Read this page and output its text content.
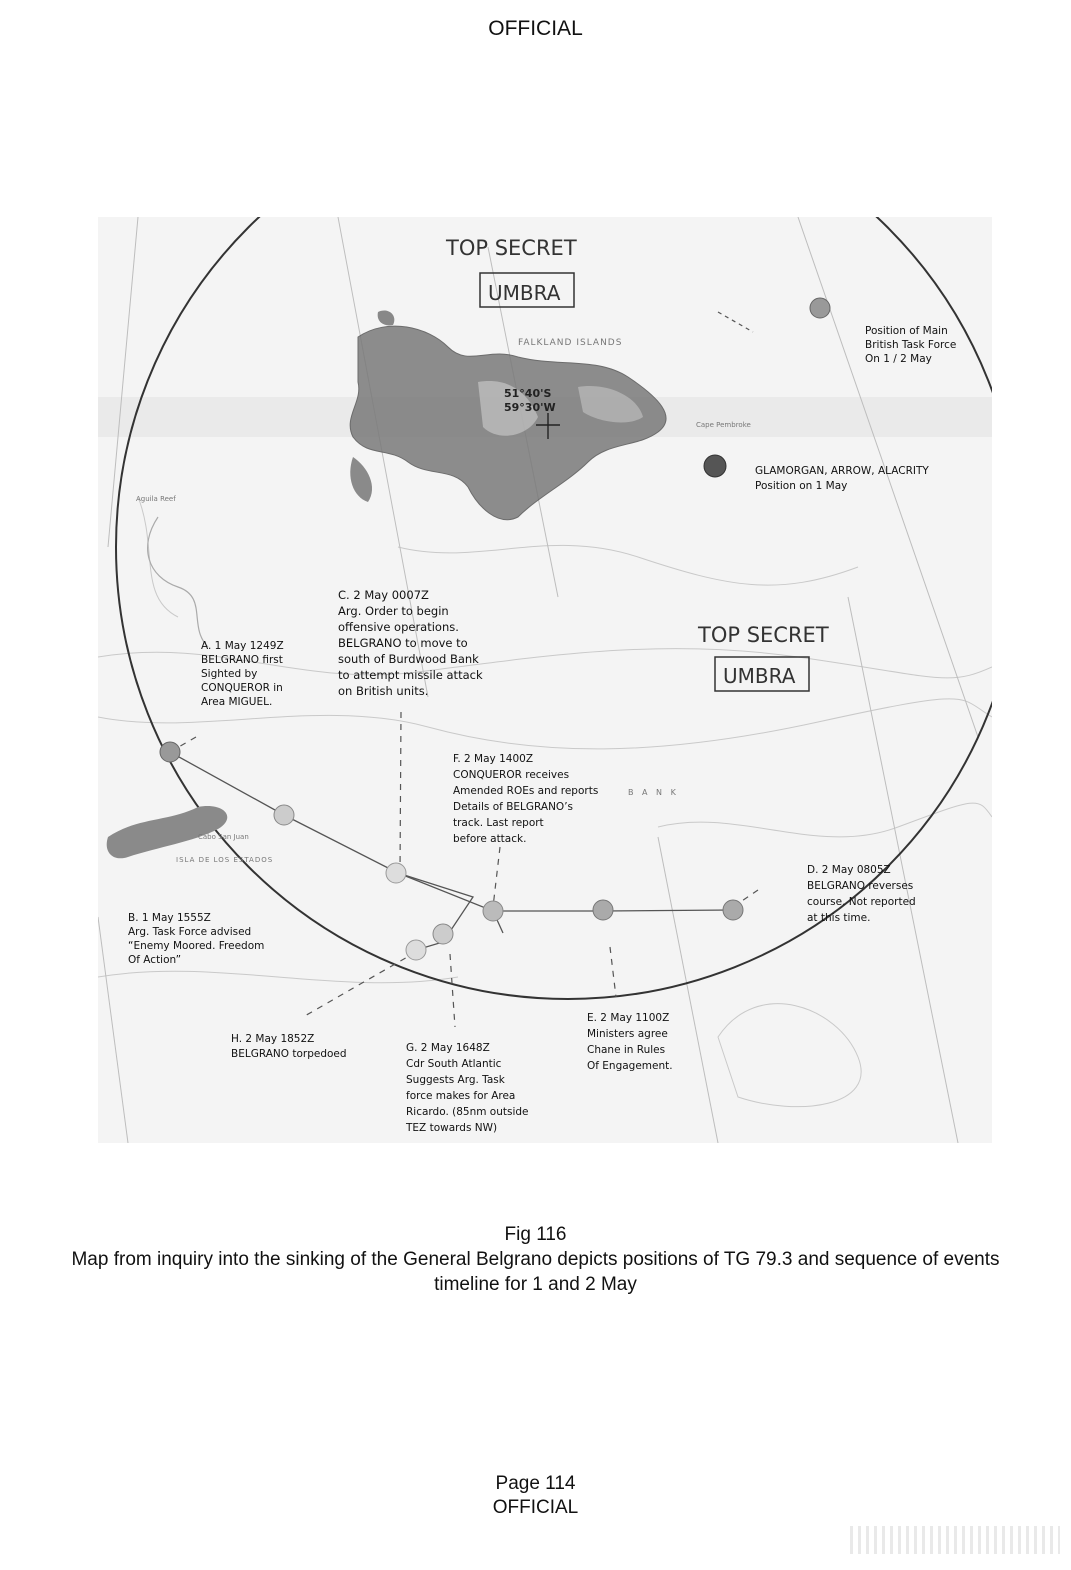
OFFICIAL
FALKLAND ISLANDS
ISLA DE LOS ESTADOS
B A N K
Cape Pembroke
Aguila Reef
Cabo San Juan
51°40'S
59°30'W
TOP SECRET
UMBRA
TOP SECRET
UMBRA
Position of Main British Task Force On 1 / 2 May
GLAMORGAN, ARROW, ALACRITY Position on 1 May
A. 1 May 1249Z BELGRANO first Sighted by CONQUEROR in Area MIGUEL.
B. 1 May 1555Z Arg. Task Force advised “Enemy Moored. Freedom Of Action”
C. 2 May 0007Z Arg. Order to begin offensive operations. BELGRANO to move to south of Burdwood Bank to attempt missile attack on British units.
D. 2 May 0805Z BELGRANO reverses course. Not reported at this time.
E. 2 May 1100Z Ministers agree Chane in Rules Of Engagement.
F. 2 May 1400Z CONQUEROR receives Amended ROEs and reports Details of BELGRANO’s track. Last report before attack.
G. 2 May 1648Z Cdr South Atlantic Suggests Arg. Task force makes for Area Ricardo. (85nm outside TEZ towards NW)
H. 2 May 1852Z BELGRANO torpedoed
Fig 116
Map from inquiry into the sinking of the General Belgrano depicts positions of TG 79.3 and sequence of events timeline for 1 and 2 May
Page 114
OFFICIAL
